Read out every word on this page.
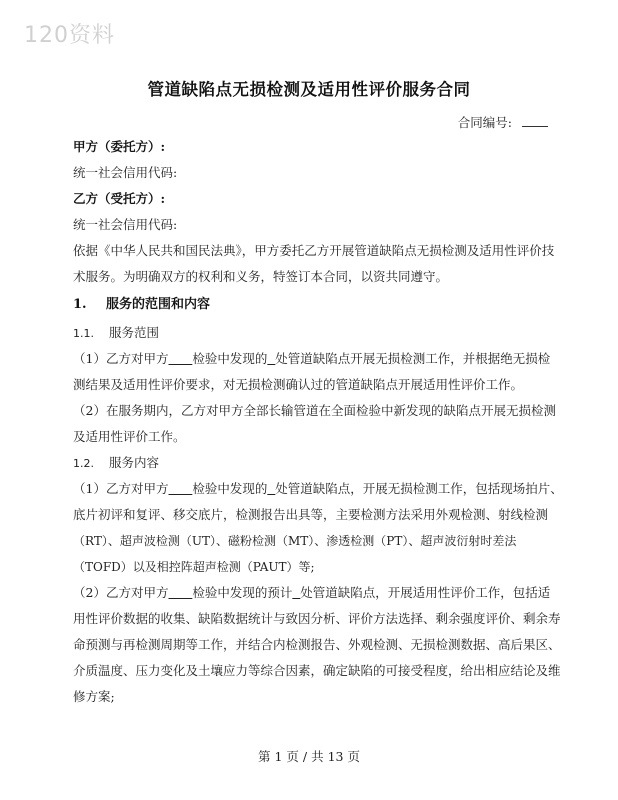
120资料
管道缺陷点无损检测及适用性评价服务合同
合同编号:
甲方（委托方）:
统一社会信用代码:
乙方（受托方）:
统一社会信用代码:
依据《中华人民共和国民法典》，甲方委托乙方开展管道缺陷点无损检测及适用性评价技
术服务。为明确双方的权利和义务，特签订本合同，以资共同遵守。
1. 服务的范围和内容
1.1. 服务范围
（1）乙方对甲方 检验中发现的 处管道缺陷点开展无损检测工作，并根据绝无损检
测结果及适用性评价要求，对无损检测确认过的管道缺陷点开展适用性评价工作。
（2）在服务期内，乙方对甲方全部长输管道在全面检验中新发现的缺陷点开展无损检测
及适用性评价工作。
1.2. 服务内容
（1）乙方对甲方 检验中发现的 处管道缺陷点，开展无损检测工作，包括现场拍片、
底片初评和复评、移交底片，检测报告出具等，主要检测方法采用外观检测、射线检测
（RT）、超声波检测（UT）、磁粉检测（MT）、渗透检测（PT）、超声波衍射时差法
（TOFD）以及相控阵超声检测（PAUT）等;
（2）乙方对甲方 检验中发现的预计 处管道缺陷点，开展适用性评价工作，包括适
用性评价数据的收集、缺陷数据统计与致因分析、评价方法选择、剩余强度评价、剩余寿
命预测与再检测周期等工作，并结合内检测报告、外观检测、无损检测数据、高后果区、
介质温度、压力变化及土壤应力等综合因素，确定缺陷的可接受程度，给出相应结论及维
修方案;
第 1 页 / 共 13 页
